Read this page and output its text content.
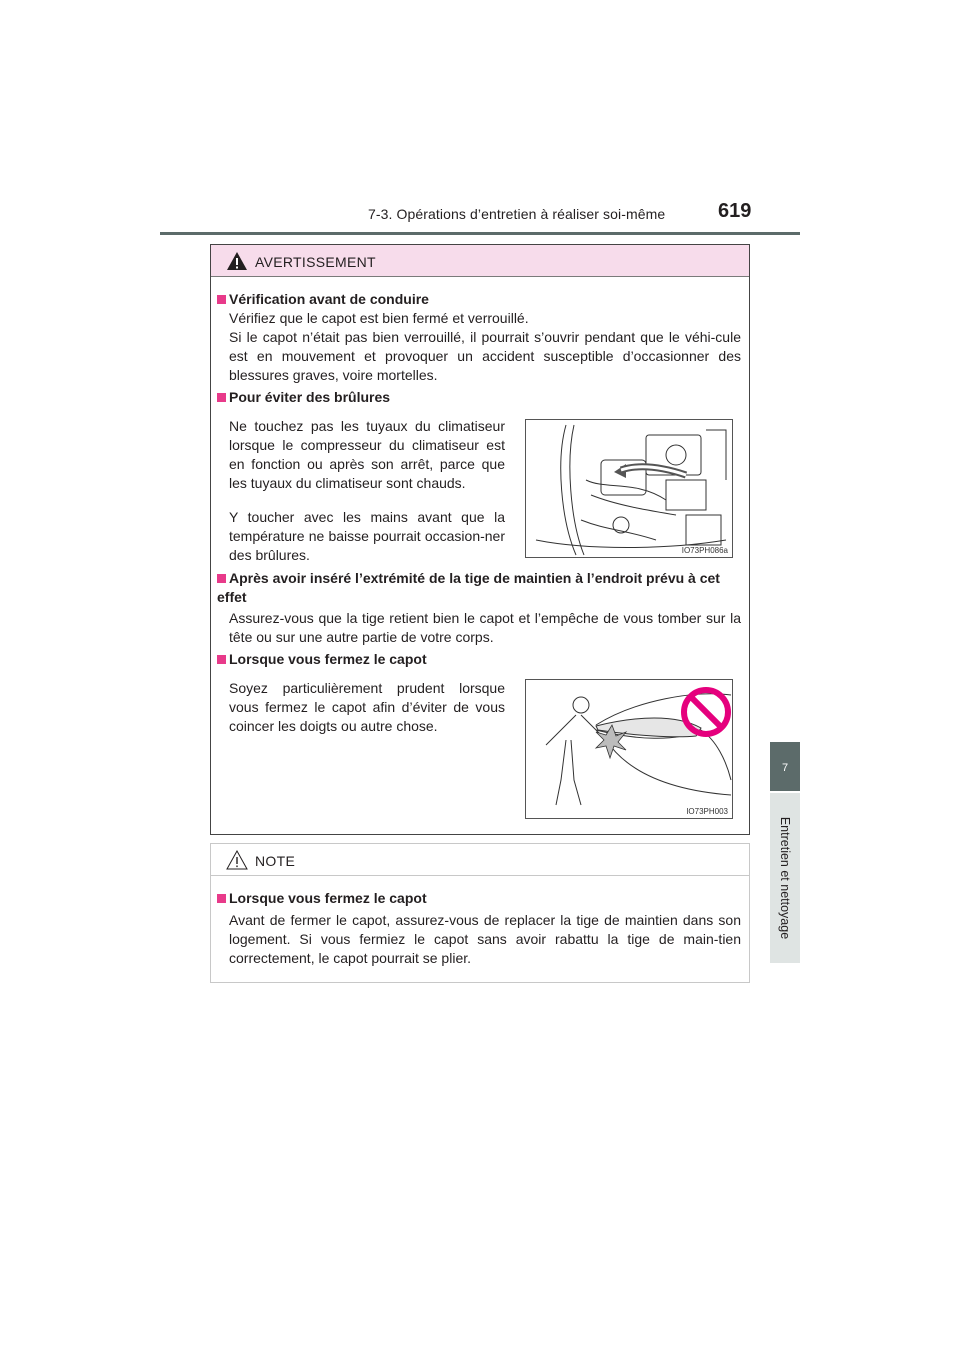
7-3. Opérations d’entretien à réaliser soi-même	619
7
Entretien et nettoyage
AVERTISSEMENT
Vérification avant de conduire
Vérifiez que le capot est bien fermé et verrouillé.
Si le capot n’était pas bien verrouillé, il pourrait s’ouvrir pendant que le véhi-cule est en mouvement et provoquer un accident susceptible d’occasionner des blessures graves, voire mortelles.
Pour éviter des brûlures
Ne touchez pas les tuyaux du climatiseur lorsque le compresseur du climatiseur est en fonction ou après son arrêt, parce que les tuyaux du climatiseur sont chauds.
Y toucher avec les mains avant que la température ne baisse pourrait occasion-ner des brûlures.	IO73PH086a
Après avoir inséré l’extrémité de la tige de maintien à l’endroit prévu à cet effet
Assurez-vous que la tige retient bien le capot et l’empêche de vous tomber sur la tête ou sur une autre partie de votre corps.
Lorsque vous fermez le capot
Soyez particulièrement prudent lorsque vous fermez le capot afin d’éviter de vous coincer les doigts ou autre chose.
IO73PH003
NOTE
Lorsque vous fermez le capot
Avant de fermer le capot, assurez-vous de replacer la tige de maintien dans son logement. Si vous fermiez le capot sans avoir rabattu la tige de main-tien correctement, le capot pourrait se plier.
